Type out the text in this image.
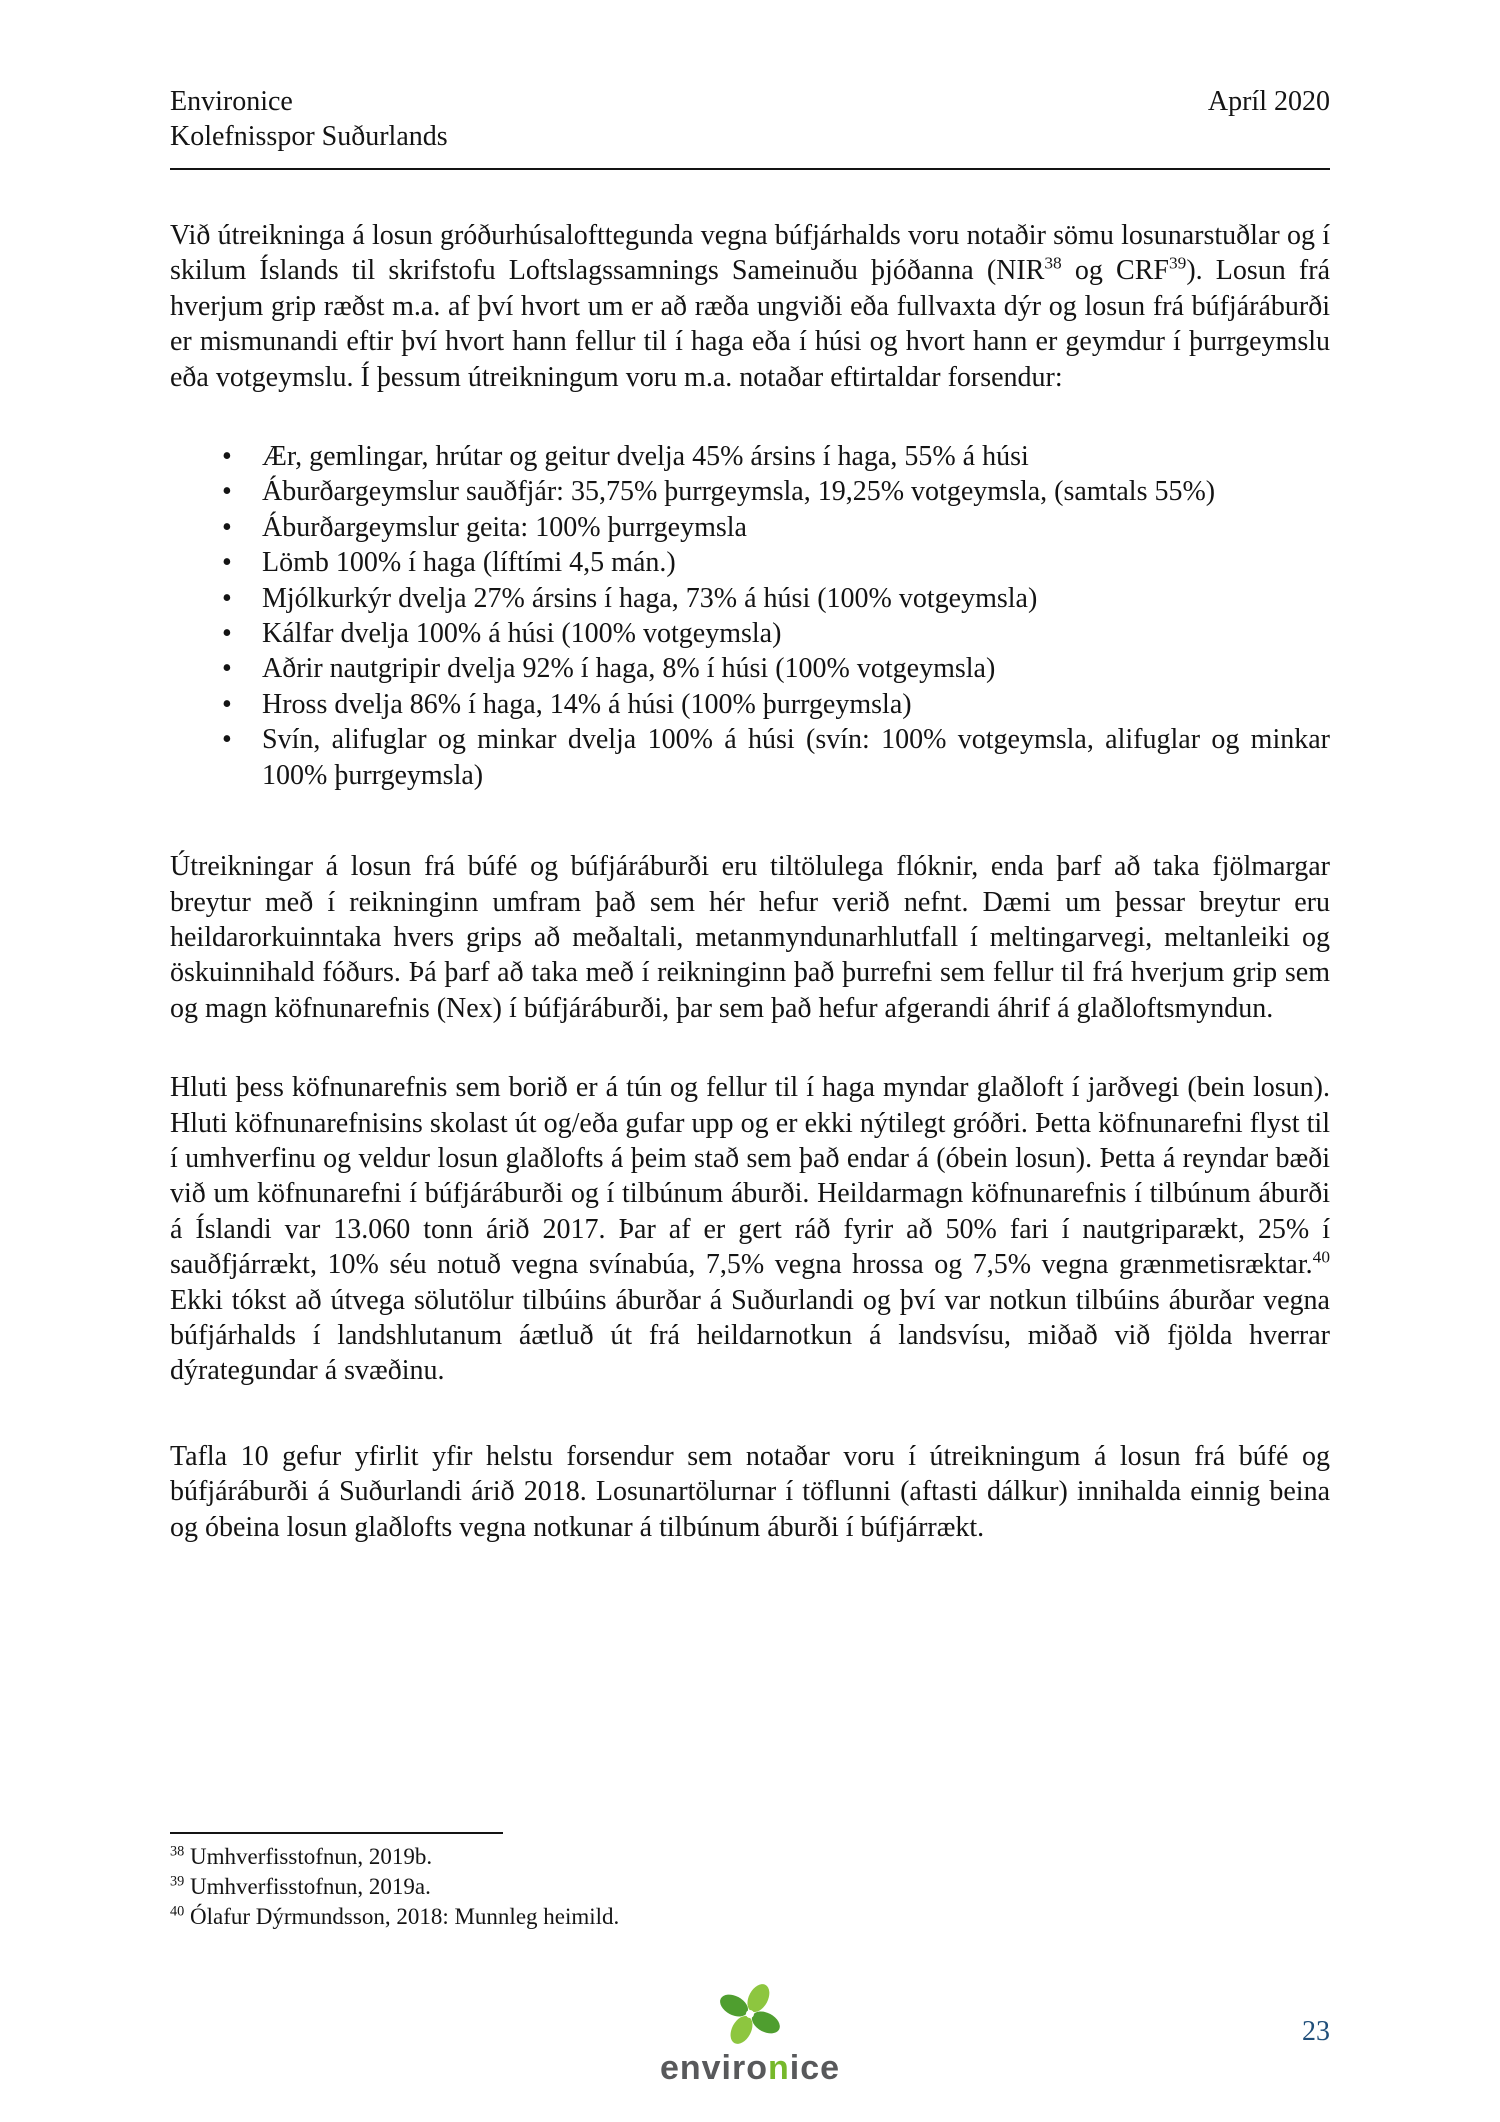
Environice
Kolefnisspor Suðurlands
Apríl 2020

Við útreikninga á losun gróðurhúsalofttegunda vegna búfjárhalds voru notaðir sömu losunarstuðlar og í skilum Íslands til skrifstofu Loftslagssamnings Sameinuðu þjóðanna (NIR$^{38}$ og CRF$^{39}$). Losun frá hverjum grip ræðst m.a. af því hvort um er að ræða ungviði eða fullvaxta dýr og losun frá búfjáráburði er mismunandi eftir því hvort hann fellur til í haga eða í húsi og hvort hann er geymdur í þurrgeymslu eða votgeymslu. Í þessum útreikningum voru m.a. notaðar eftirtaldar forsendur:

• Ær, gemlingar, hrútar og geitur dvelja 45% ársins í haga, 55% á húsi
• Áburðargeymslur sauðfjár: 35,75% þurrgeymsla, 19,25% votgeymsla, (samtals 55%)
• Áburðargeymslur geita: 100% þurrgeymsla
• Lömb 100% í haga (líftími 4,5 mán.)
• Mjólkurkýr dvelja 27% ársins í haga, 73% á húsi (100% votgeymsla)
• Kálfar dvelja 100% á húsi (100% votgeymsla)
• Aðrir nautgripir dvelja 92% í haga, 8% í húsi (100% votgeymsla)
• Hross dvelja 86% í haga, 14% á húsi (100% þurrgeymsla)
• Svín, alifuglar og minkar dvelja 100% á húsi (svín: 100% votgeymsla, alifuglar og minkar 100% þurrgeymsla)

Útreikningar á losun frá búfé og búfjáráburði eru tiltölulega flóknir, enda þarf að taka fjölmargar breytur með í reikninginn umfram það sem hér hefur verið nefnt. Dæmi um þessar breytur eru heildarorkuinntaka hvers grips að meðaltali, metanmyndunarhlutfall í meltingarvegi, meltanleiki og öskuinnihald fóðurs. Þá þarf að taka með í reikninginn það þurrefni sem fellur til frá hverjum grip sem og magn köfnunarefnis (Nex) í búfjáráburði, þar sem það hefur afgerandi áhrif á glaðloftsmyndun.

Hluti þess köfnunarefnis sem borið er á tún og fellur til í haga myndar glaðloft í jarðvegi (bein losun). Hluti köfnunarefnisins skolast út og/eða gufar upp og er ekki nýtilegt gróðri. Þetta köfnunarefni flyst til í umhverfinu og veldur losun glaðlofts á þeim stað sem það endar á (óbein losun). Þetta á reyndar bæði við um köfnunarefni í búfjáráburði og í tilbúnum áburði. Heildarmagn köfnunarefnis í tilbúnum áburði á Íslandi var 13.060 tonn árið 2017. Þar af er gert ráð fyrir að 50% fari í nautgriparækt, 25% í sauðfjárrækt, 10% séu notuð vegna svínabúa, 7,5% vegna hrossa og 7,5% vegna grænmetisræktar.$^{40}$ Ekki tókst að útvega sölutölur tilbúins áburðar á Suðurlandi og því var notkun tilbúins áburðar vegna búfjárhalds í landshlutanum áætluð út frá heildarnotkun á landsvísu, miðað við fjölda hverrar dýrategundar á svæðinu.

Tafla 10 gefur yfirlit yfir helstu forsendur sem notaðar voru í útreikningum á losun frá búfé og búfjáráburði á Suðurlandi árið 2018. Losunartölurnar í töflunni (aftasti dálkur) innihalda einnig beina og óbeina losun glaðlofts vegna notkunar á tilbúnum áburði í búfjárrækt.

$^{38}$ Umhverfisstofnun, 2019b.
$^{39}$ Umhverfisstofnun, 2019a.
$^{40}$ Ólafur Dýrmundsson, 2018: Munnleg heimild.
environice
23
